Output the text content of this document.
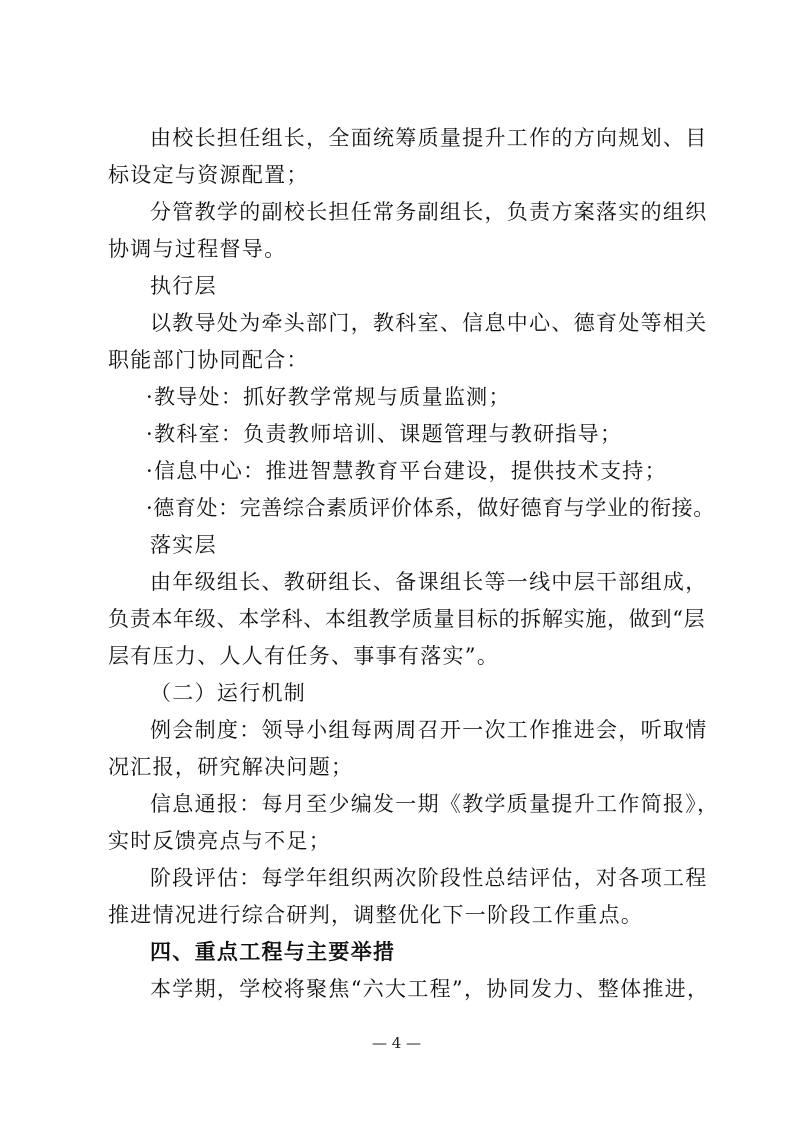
由校长担任组长，全面统筹质量提升工作的方向规划、目
标设定与资源配置；
分管教学的副校长担任常务副组长，负责方案落实的组织
协调与过程督导。
执行层
以教导处为牵头部门，教科室、信息中心、德育处等相关
职能部门协同配合：
·教导处：抓好教学常规与质量监测；
·教科室：负责教师培训、课题管理与教研指导；
·信息中心：推进智慧教育平台建设，提供技术支持；
·德育处：完善综合素质评价体系，做好德育与学业的衔接。
落实层
由年级组长、教研组长、备课组长等一线中层干部组成，
负责本年级、本学科、本组教学质量目标的拆解实施，做到“层
层有压力、人人有任务、事事有落实”。
（二）运行机制
例会制度：领导小组每两周召开一次工作推进会，听取情
况汇报，研究解决问题；
信息通报：每月至少编发一期《教学质量提升工作简报》，
实时反馈亮点与不足；
阶段评估：每学年组织两次阶段性总结评估，对各项工程
推进情况进行综合研判，调整优化下一阶段工作重点。
四、重点工程与主要举措
本学期，学校将聚焦“六大工程”，协同发力、整体推进，
— 4 —
